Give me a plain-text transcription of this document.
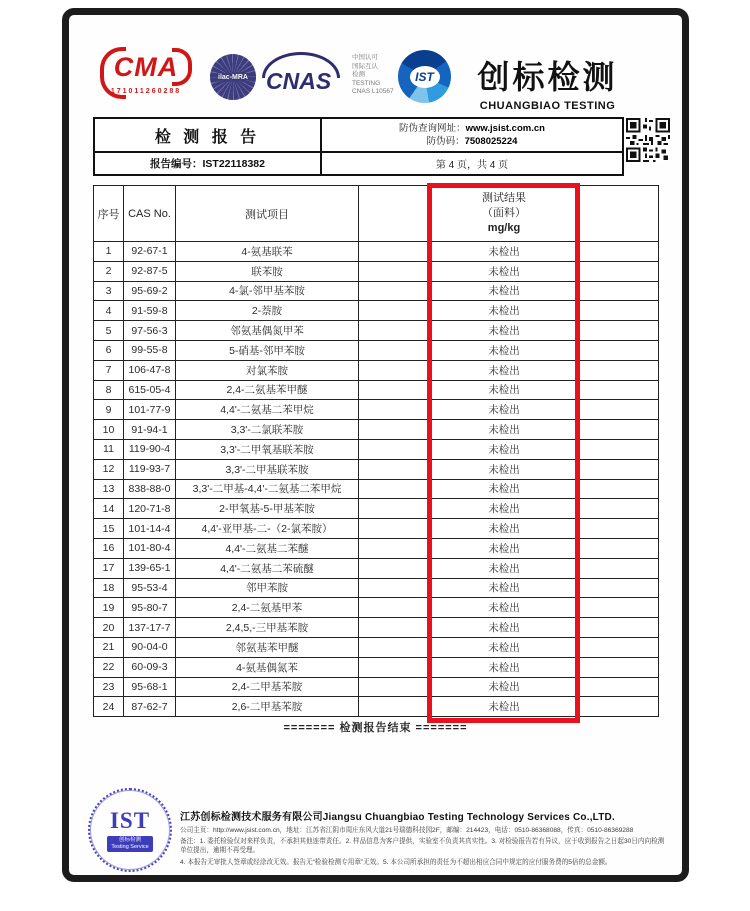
CMA
171011260288
ilac-MRA CNAS
中国认可
国际互认
检测
TESTING
CNAS L10567
IST	创标检测
CHUANGBIAO TESTING
检 测 报 告	防伪查询网址：www.jsist.com.cn
防伪码：7508025224

报告编号：IST22118382	第 4 页，共 4 页
序号	CAS No.	测试项目		测试结果
（面料）
mg/kg	

1	92-67-1	4-氨基联苯		未检出	
2	92-87-5	联苯胺		未检出	
3	95-69-2	4-氯-邻甲基苯胺		未检出	
4	91-59-8	2-萘胺		未检出	
5	97-56-3	邻氨基偶氮甲苯		未检出	
6	99-55-8	5-硝基-邻甲苯胺		未检出	
7	106-47-8	对氯苯胺		未检出	
8	615-05-4	2,4-二氨基苯甲醚		未检出	
9	101-77-9	4,4'-二氨基二苯甲烷		未检出	
10	91-94-1	3,3'-二氯联苯胺		未检出	
11	119-90-4	3,3'-二甲氧基联苯胺		未检出	
12	119-93-7	3,3'-二甲基联苯胺		未检出	
13	838-88-0	3,3'-二甲基-4,4'-二氨基二苯甲烷		未检出	
14	120-71-8	2-甲氧基-5-甲基苯胺		未检出	
15	101-14-4	4,4'-亚甲基-二-（2-氯苯胺）		未检出	
16	101-80-4	4,4'-二氨基二苯醚		未检出	
17	139-65-1	4,4'-二氨基二苯硫醚		未检出	
18	95-53-4	邻甲苯胺		未检出	
19	95-80-7	2,4-二氨基甲苯		未检出	
20	137-17-7	2,4,5,-三甲基苯胺		未检出	
21	90-04-0	邻氨基苯甲醚		未检出	
22	60-09-3	4-氨基偶氮苯		未检出	
23	95-68-1	2,4-二甲基苯胺		未检出	
24	87-62-7	2,6-二甲基苯胺		未检出	
======= 检测报告结束 =======
IST
创标检测
Testing Service
江苏创标检测技术服务有限公司Jiangsu Chuangbiao Testing Technology Services Co.,LTD.
公司主页：http://www.jsist.com.cn，地址：江苏省江阴市周庄东风大道21号瑞德科技园2F，邮编：214423，电话：0510-86368088，传真：0510-86369288
备注：1. 委托检验仅对来样负责，不承担其他连带责任。2. 样品信息为客户提供，实验室不负责其真实性。3. 对检验报告若有异议，应于收到报告之日起30日内向检测单位提出，逾期不再受理。
4. 本报告无审批人签章或经涂改无效。报告无“检验检测专用章”无效。5. 本公司所承担的责任为不超出相应合同中规定的应付服务费的5倍的总金额。
